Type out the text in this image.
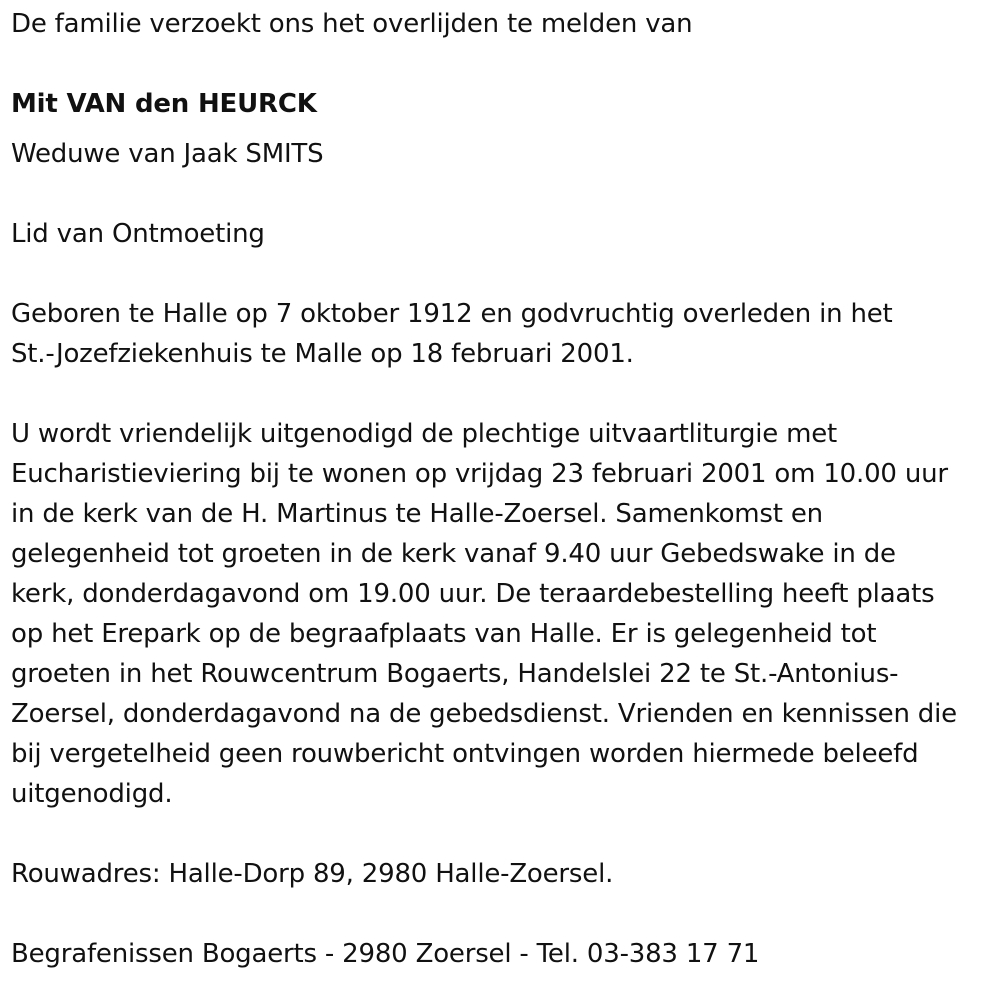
De familie verzoekt ons het overlijden te melden van

Mit VAN den HEURCK

Weduwe van Jaak SMITS

Lid van Ontmoeting

Geboren te Halle op 7 oktober 1912 en godvruchtig overleden in het
St.-Jozefziekenhuis te Malle op 18 februari 2001.

U wordt vriendelijk uitgenodigd de plechtige uitvaartliturgie met
Eucharistieviering bij te wonen op vrijdag 23 februari 2001 om 10.00 uur
in de kerk van de H. Martinus te Halle-Zoersel. Samenkomst en
gelegenheid tot groeten in de kerk vanaf 9.40 uur Gebedswake in de
kerk, donderdagavond om 19.00 uur. De teraardebestelling heeft plaats
op het Erepark op de begraafplaats van Halle. Er is gelegenheid tot
groeten in het Rouwcentrum Bogaerts, Handelslei 22 te St.-Antonius-
Zoersel, donderdagavond na de gebedsdienst. Vrienden en kennissen die
bij vergetelheid geen rouwbericht ontvingen worden hiermede beleefd
uitgenodigd.

Rouwadres: Halle-Dorp 89, 2980 Halle-Zoersel.

Begrafenissen Bogaerts - 2980 Zoersel - Tel. 03-383 17 71
